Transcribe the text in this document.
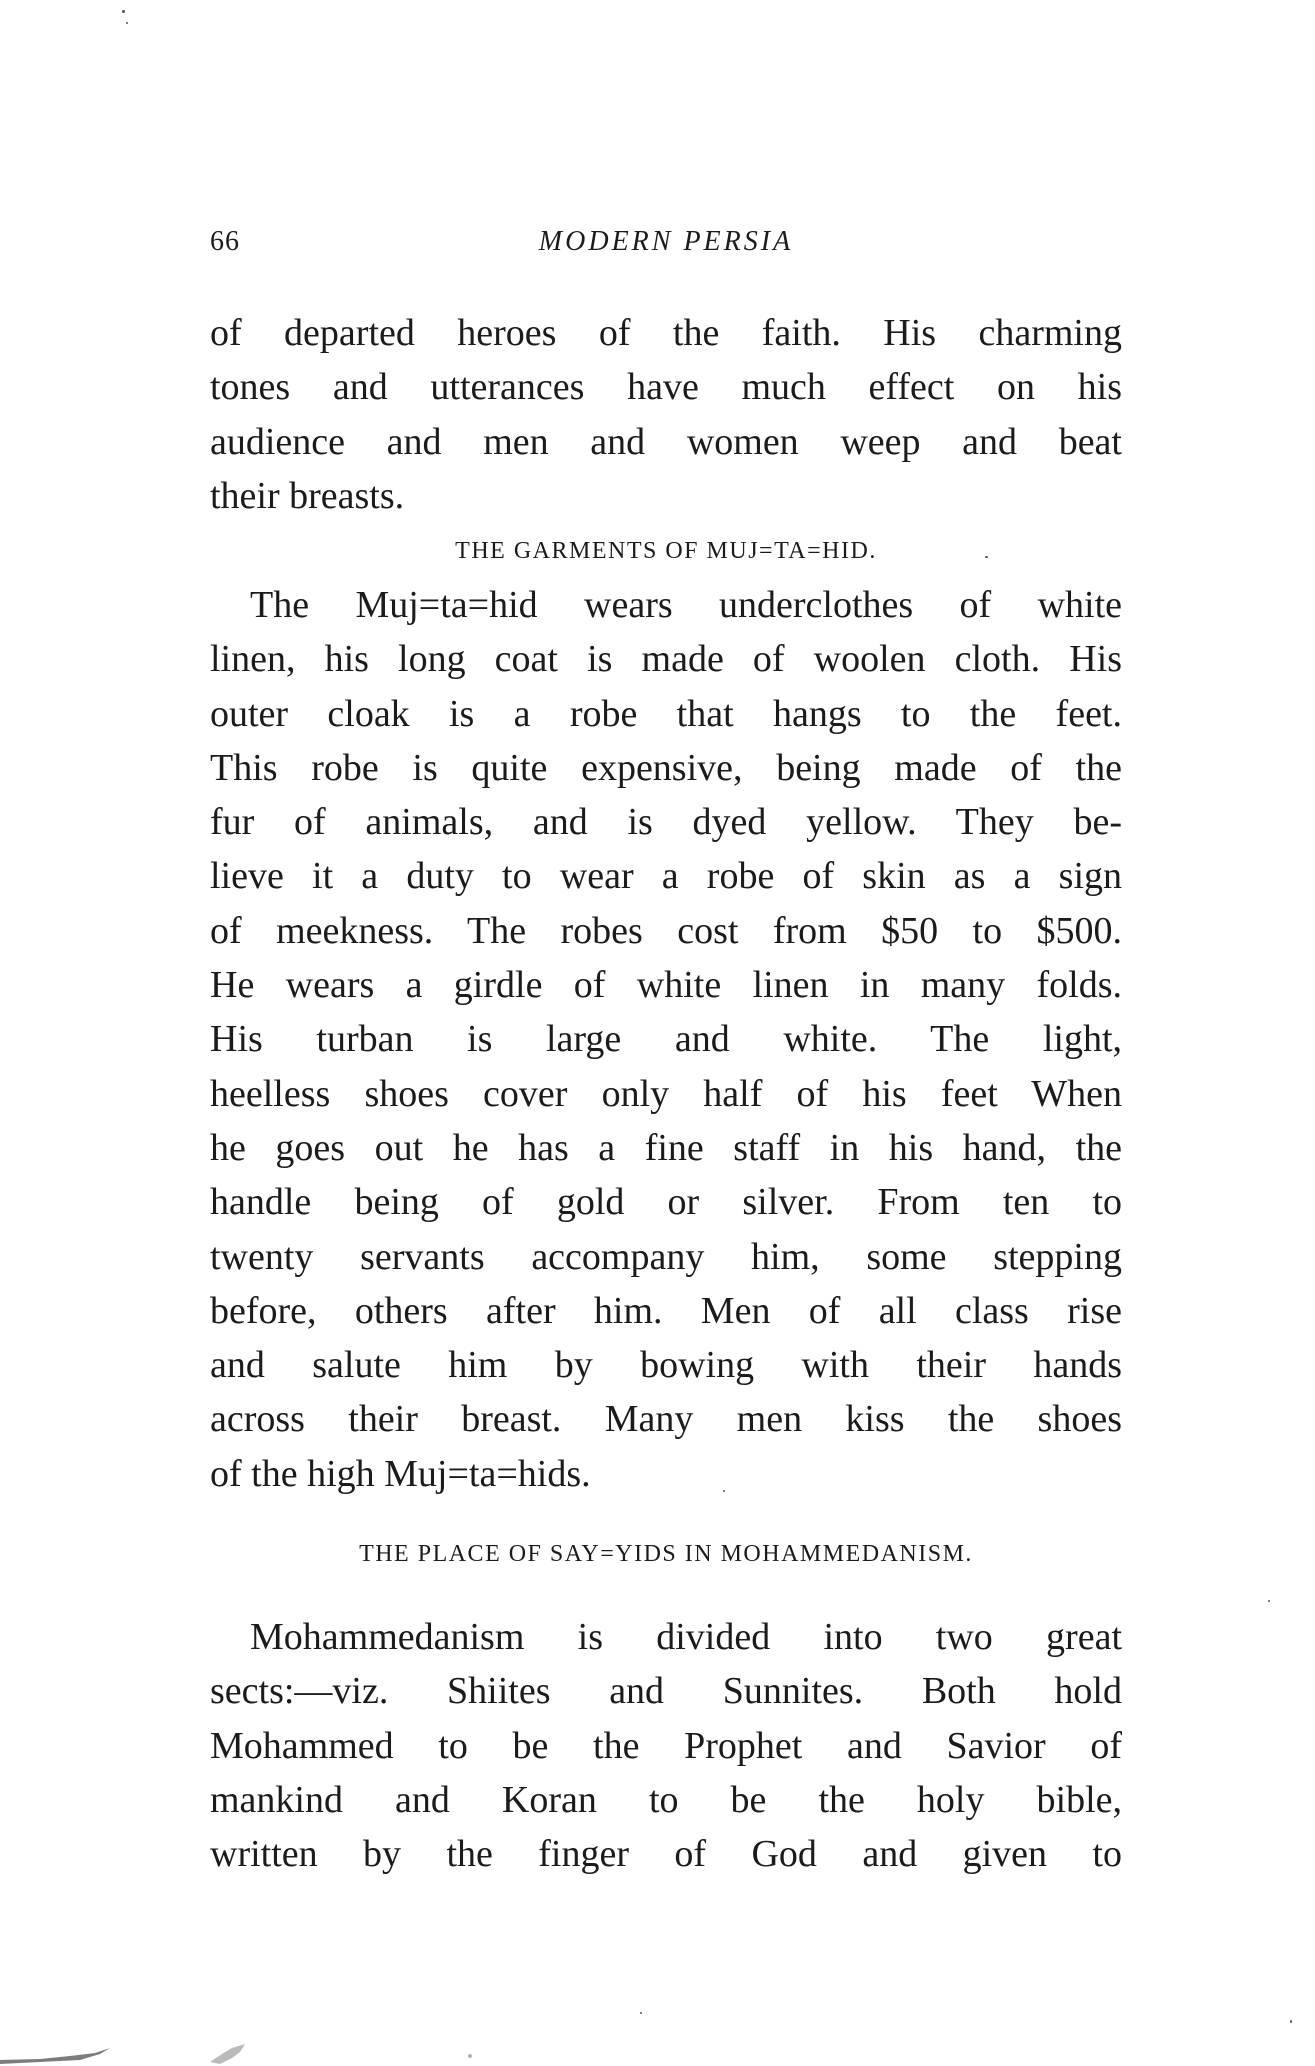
66	MODERN PERSIA

of departed heroes of the faith. His charming
tones and utterances have much effect on his
audience and men and women weep and beat
their breasts.

THE GARMENTS OF MUJ=TA=HID.

The Muj=ta=hid wears underclothes of white
linen, his long coat is made of woolen cloth. His
outer cloak is a robe that hangs to the feet.
This robe is quite expensive, being made of the
fur of animals, and is dyed yellow. They be-
lieve it a duty to wear a robe of skin as a sign
of meekness. The robes cost from $50 to $500.
He wears a girdle of white linen in many folds.
His turban is large and white. The light,
heelless shoes cover only half of his feet When
he goes out he has a fine staff in his hand, the
handle being of gold or silver. From ten to
twenty servants accompany him, some stepping
before, others after him. Men of all class rise
and salute him by bowing with their hands
across their breast. Many men kiss the shoes
of the high Muj=ta=hids.

THE PLACE OF SAY=YIDS IN MOHAMMEDANISM.

Mohammedanism is divided into two great
sects:—viz. Shiites and Sunnites. Both hold
Mohammed to be the Prophet and Savior of
mankind and Koran to be the holy bible,
written by the finger of God and given to
